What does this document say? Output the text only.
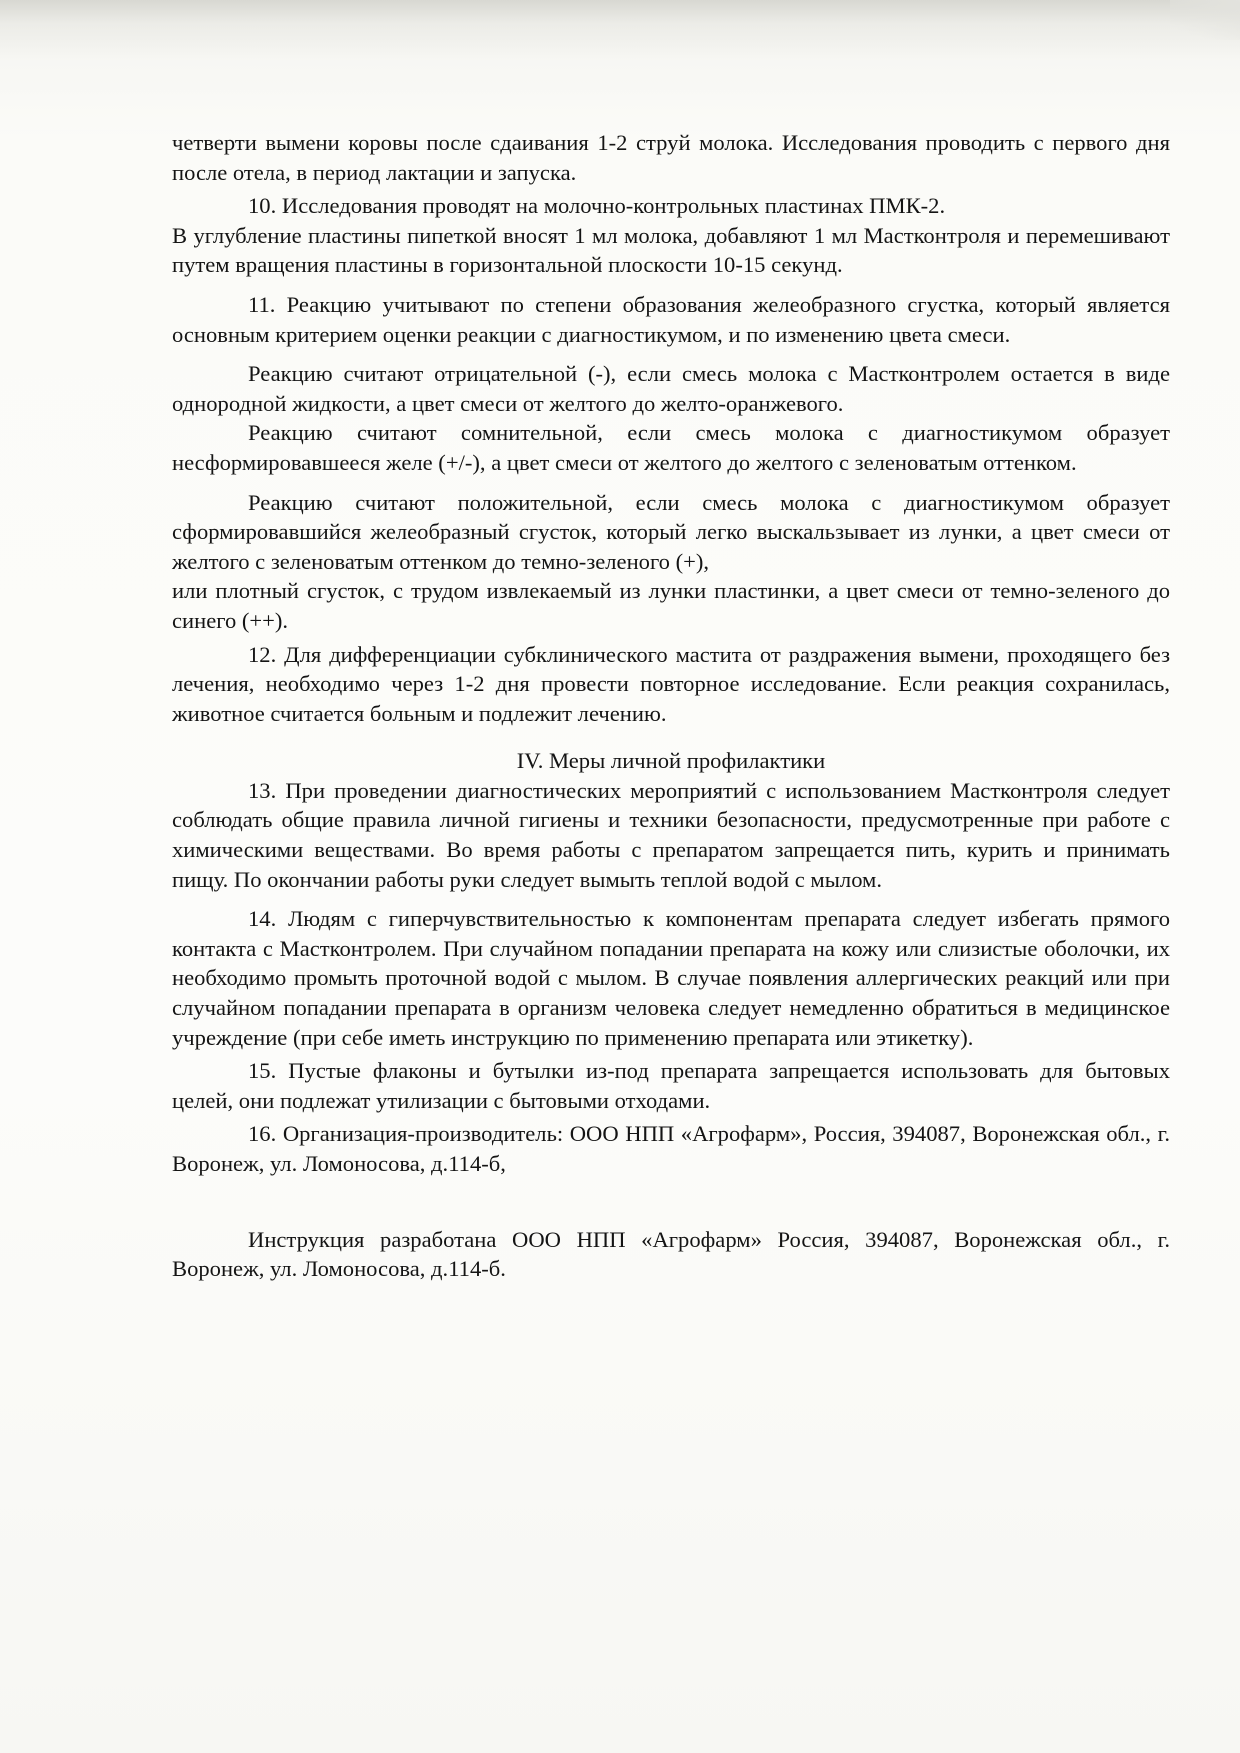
четверти вымени коровы после сдаивания 1-2 струй молока. Исследования проводить с первого дня после отела, в период лактации и запуска.

10. Исследования проводят на молочно-контрольных пластинах ПМК-2.

В углубление пластины пипеткой вносят 1 мл молока, добавляют 1 мл Мастконтроля и перемешивают путем вращения пластины в горизонтальной плоскости 10-15 секунд.

11. Реакцию учитывают по степени образования желеобразного сгустка, который является основным критерием оценки реакции с диагностикумом, и по изменению цвета смеси.

Реакцию считают отрицательной (-), если смесь молока с Мастконтролем остается в виде однородной жидкости, а цвет смеси от желтого до желто-оранжевого.

Реакцию считают сомнительной, если смесь молока с диагностикумом образует несформировавшееся желе (+/-), а цвет смеси от желтого до желтого с зеленоватым оттенком.

Реакцию считают положительной, если смесь молока с диагностикумом образует сформировавшийся желеобразный сгусток, который легко выскальзывает из лунки, а цвет смеси от желтого с зеленоватым оттенком до темно-зеленого (+),

или плотный сгусток, с трудом извлекаемый из лунки пластинки, а цвет смеси от темно-зеленого до синего (++).

12. Для дифференциации субклинического мастита от раздражения вымени, проходящего без лечения, необходимо через 1-2 дня провести повторное исследование. Если реакция сохранилась, животное считается больным и подлежит лечению.

IV. Меры личной профилактики

13. При проведении диагностических мероприятий с использованием Мастконтроля следует соблюдать общие правила личной гигиены и техники безопасности, предусмотренные при работе с химическими веществами. Во время работы с препаратом запрещается пить, курить и принимать пищу. По окончании работы руки следует вымыть теплой водой с мылом.

14. Людям с гиперчувствительностью к компонентам препарата следует избегать прямого контакта с Мастконтролем. При случайном попадании препарата на кожу или слизистые оболочки, их необходимо промыть проточной водой с мылом. В случае появления аллергических реакций или при случайном попадании препарата в организм человека следует немедленно обратиться в медицинское учреждение (при себе иметь инструкцию по применению препарата или этикетку).

15. Пустые флаконы и бутылки из-под препарата запрещается использовать для бытовых целей, они подлежат утилизации с бытовыми отходами.

16. Организация-производитель: ООО НПП «Агрофарм», Россия, 394087, Воронежская обл., г. Воронеж, ул. Ломоносова, д.114-б,

Инструкция разработана ООО НПП «Агрофарм» Россия, 394087, Воронежская обл., г. Воронеж, ул. Ломоносова, д.114-б.
